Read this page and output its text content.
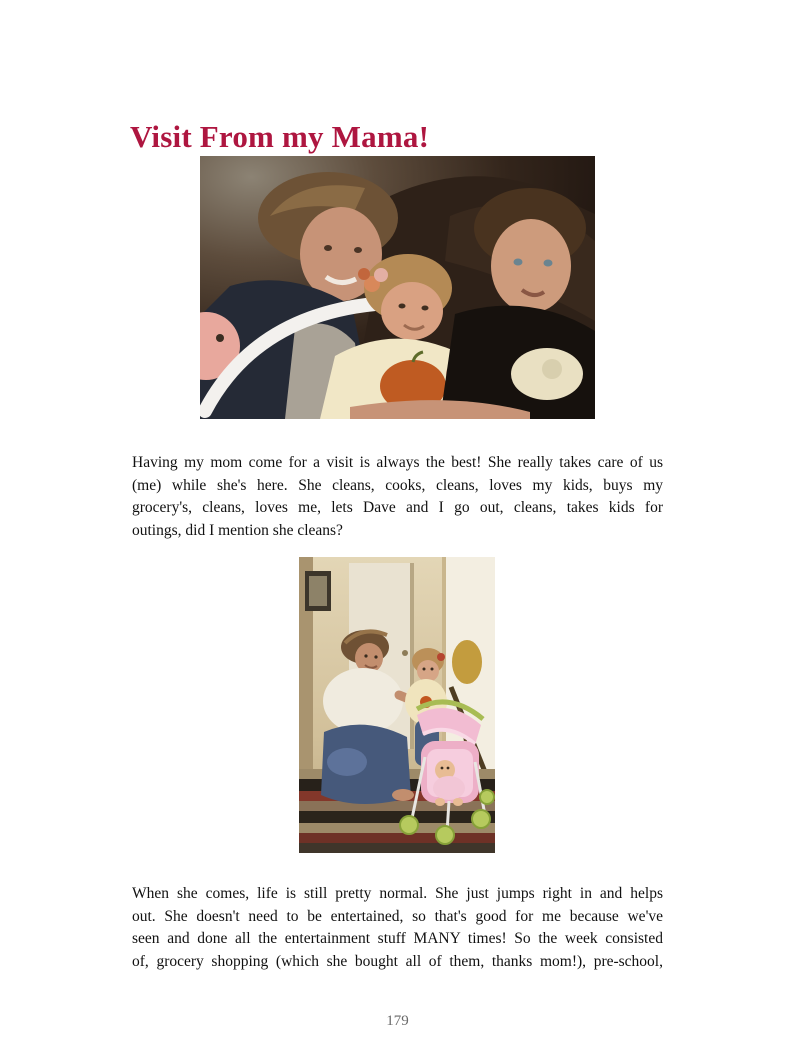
Visit From my Mama!
Having my mom come for a visit is always the best! She really takes care of us
(me) while she's here. She cleans, cooks, cleans, loves my kids, buys my
grocery's, cleans, loves me, lets Dave and I go out, cleans, takes kids for
outings, did I mention she cleans?
When she comes, life is still pretty normal. She just jumps right in and helps
out. She doesn't need to be entertained, so that's good for me because we've
seen and done all the entertainment stuff MANY times! So the week consisted
of, grocery shopping (which she bought all of them, thanks mom!), pre-school,
179
